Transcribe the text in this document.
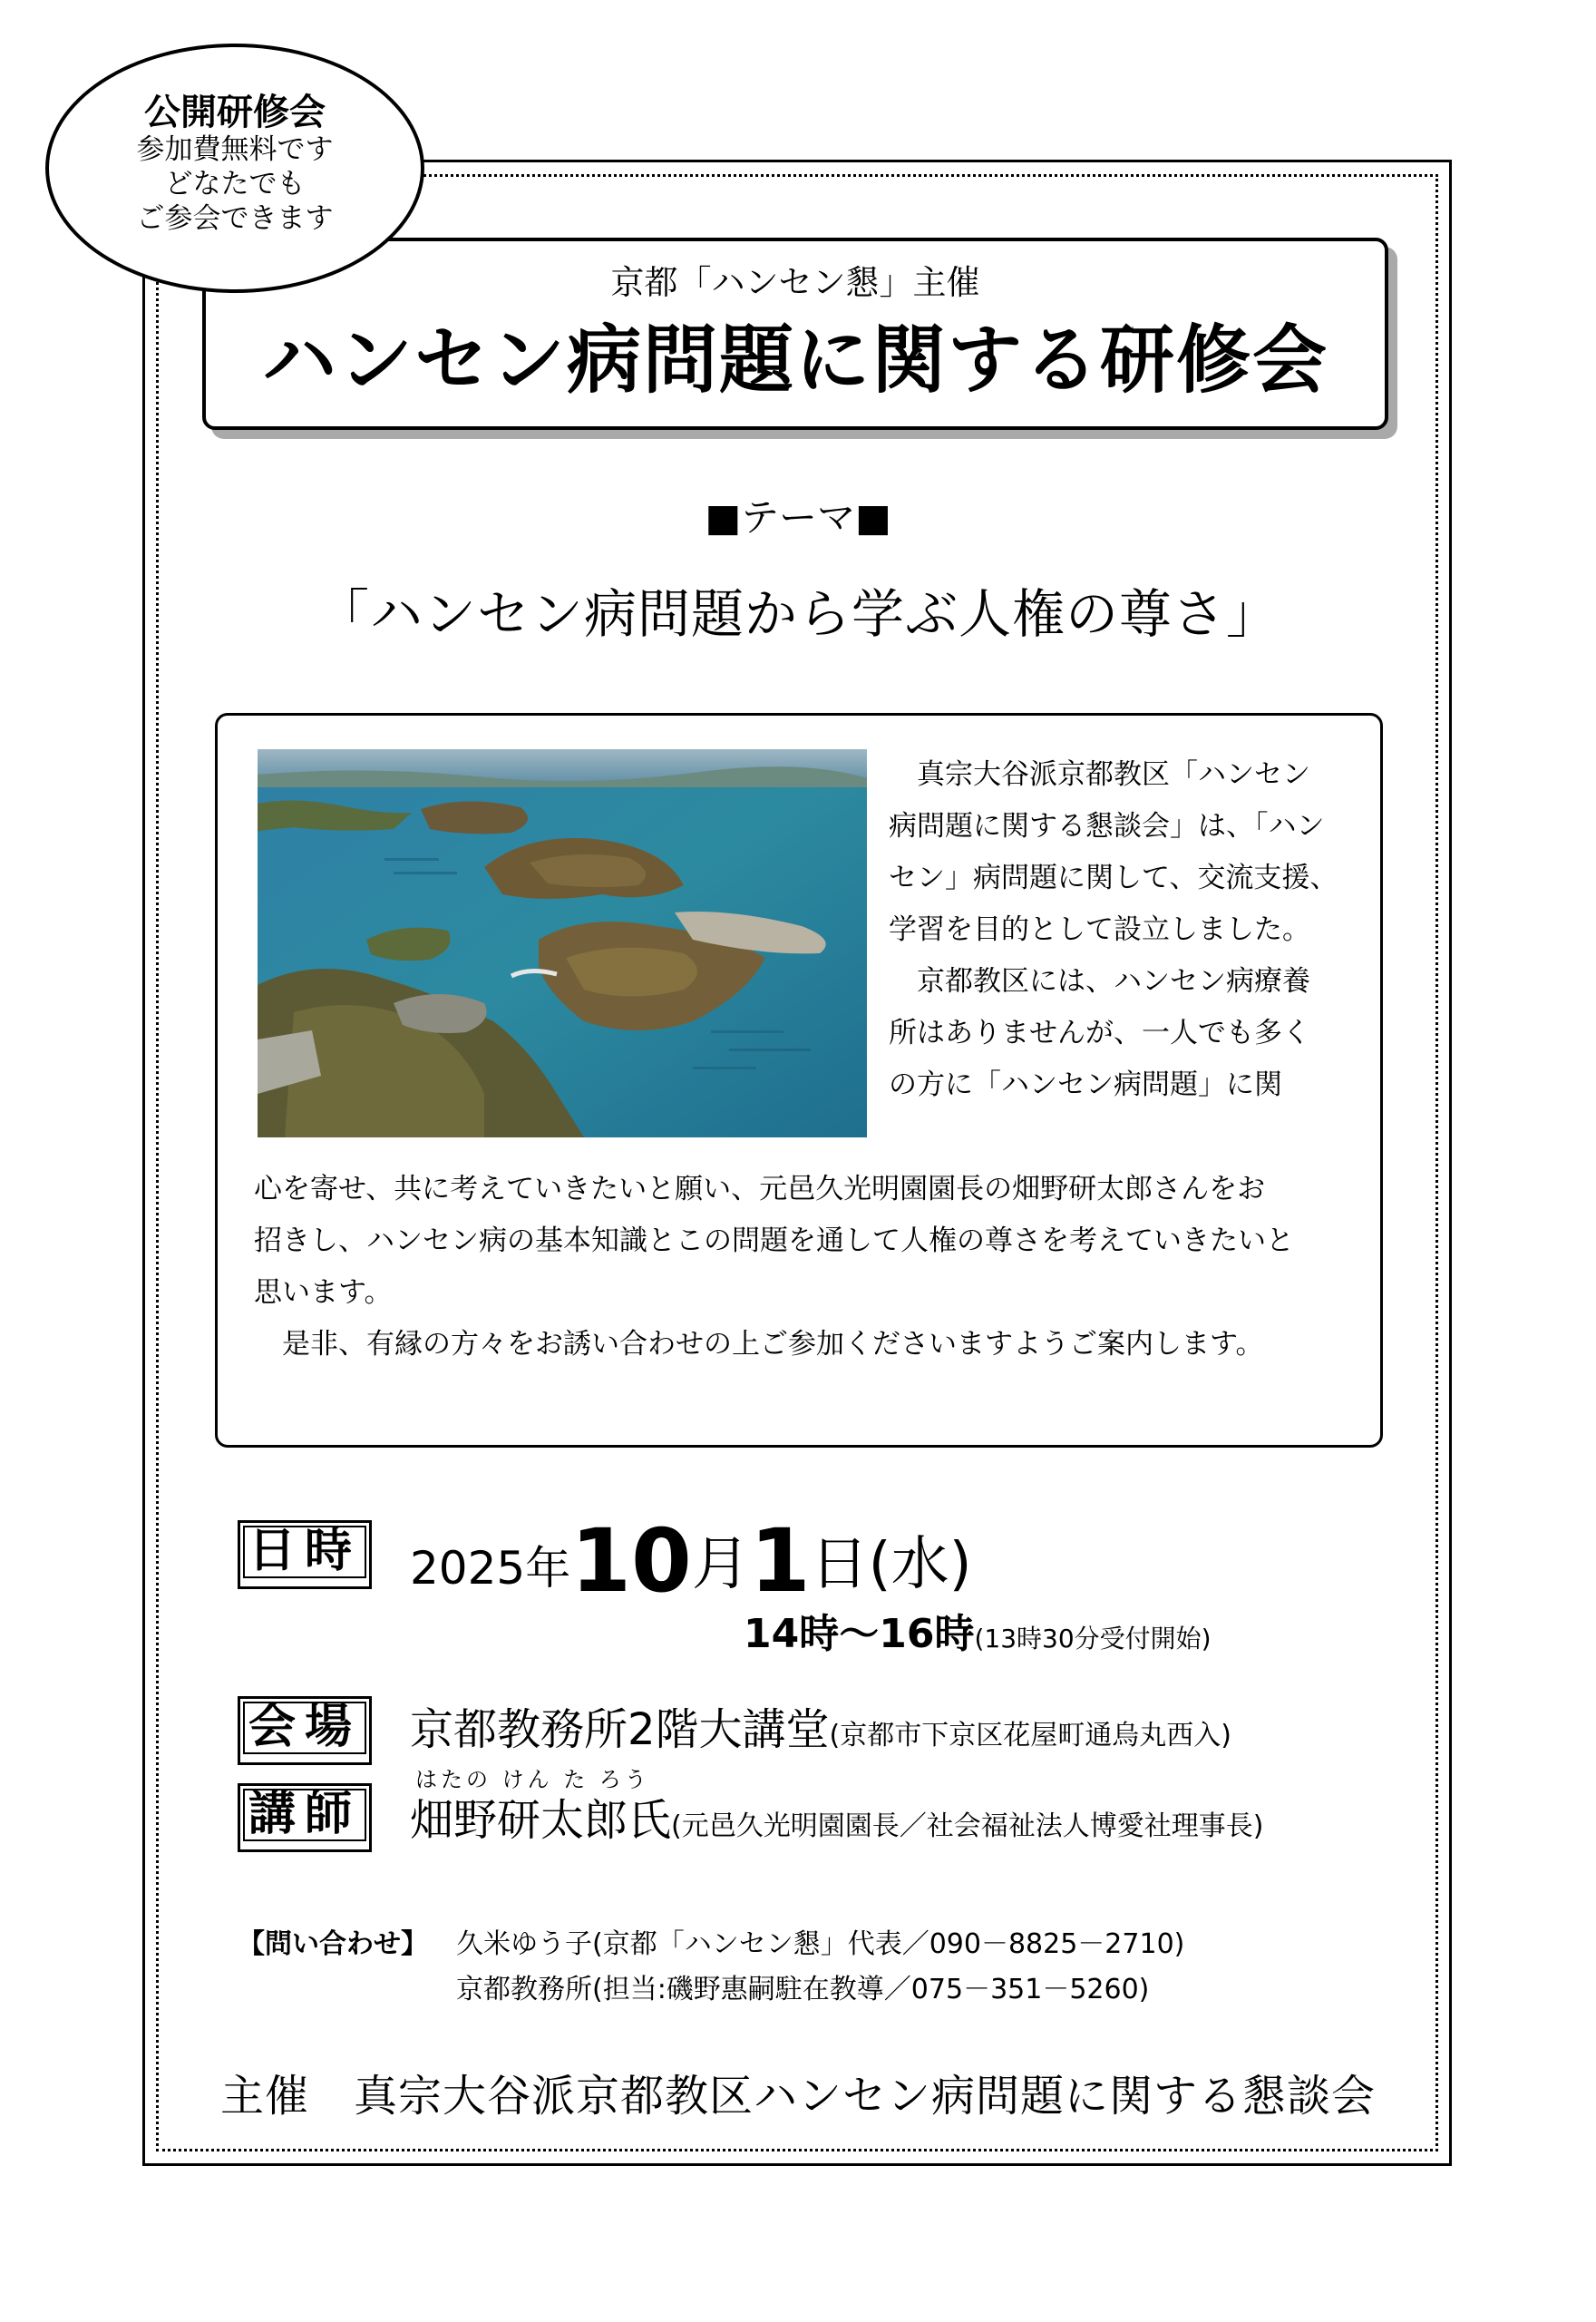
公開研修会
参加費無料です
どなたでも
ご参会できます
京都「ハンセン懇」主催
ハンセン病問題に関する研修会
■テーマ■
「ハンセン病問題から学ぶ人権の尊さ」

　真宗大谷派京都教区「ハンセン

病問題に関する懇談会」は、「ハン

セン」病問題に関して、交流支援、

学習を目的として設立しました。

　京都教区には、ハンセン病療養

所はありませんが、一人でも多く

の方に「ハンセン病問題」に関

心を寄せ、共に考えていきたいと願い、元邑久光明園園長の畑野研太郎さんをお

招きし、ハンセン病の基本知識とこの問題を通して人権の尊さを考えていきたいと

思います。

　是非、有縁の方々をお誘い合わせの上ご参加くださいますようご案内します。

日時 2025年10月1日(水)
14時～16時(13時30分受付開始)
会場 京都教務所2階大講堂(京都市下京区花屋町通烏丸西入)
講師
はたの けん た ろう
畑野研太郎氏(元邑久光明園園長／社会福祉法人博愛社理事長)
【問い合わせ】 久米ゆう子(京都「ハンセン懇」代表／090－8825－2710)
京都教務所(担当:磯野惠嗣駐在教導／075－351－5260)
主催　真宗大谷派京都教区ハンセン病問題に関する懇談会
